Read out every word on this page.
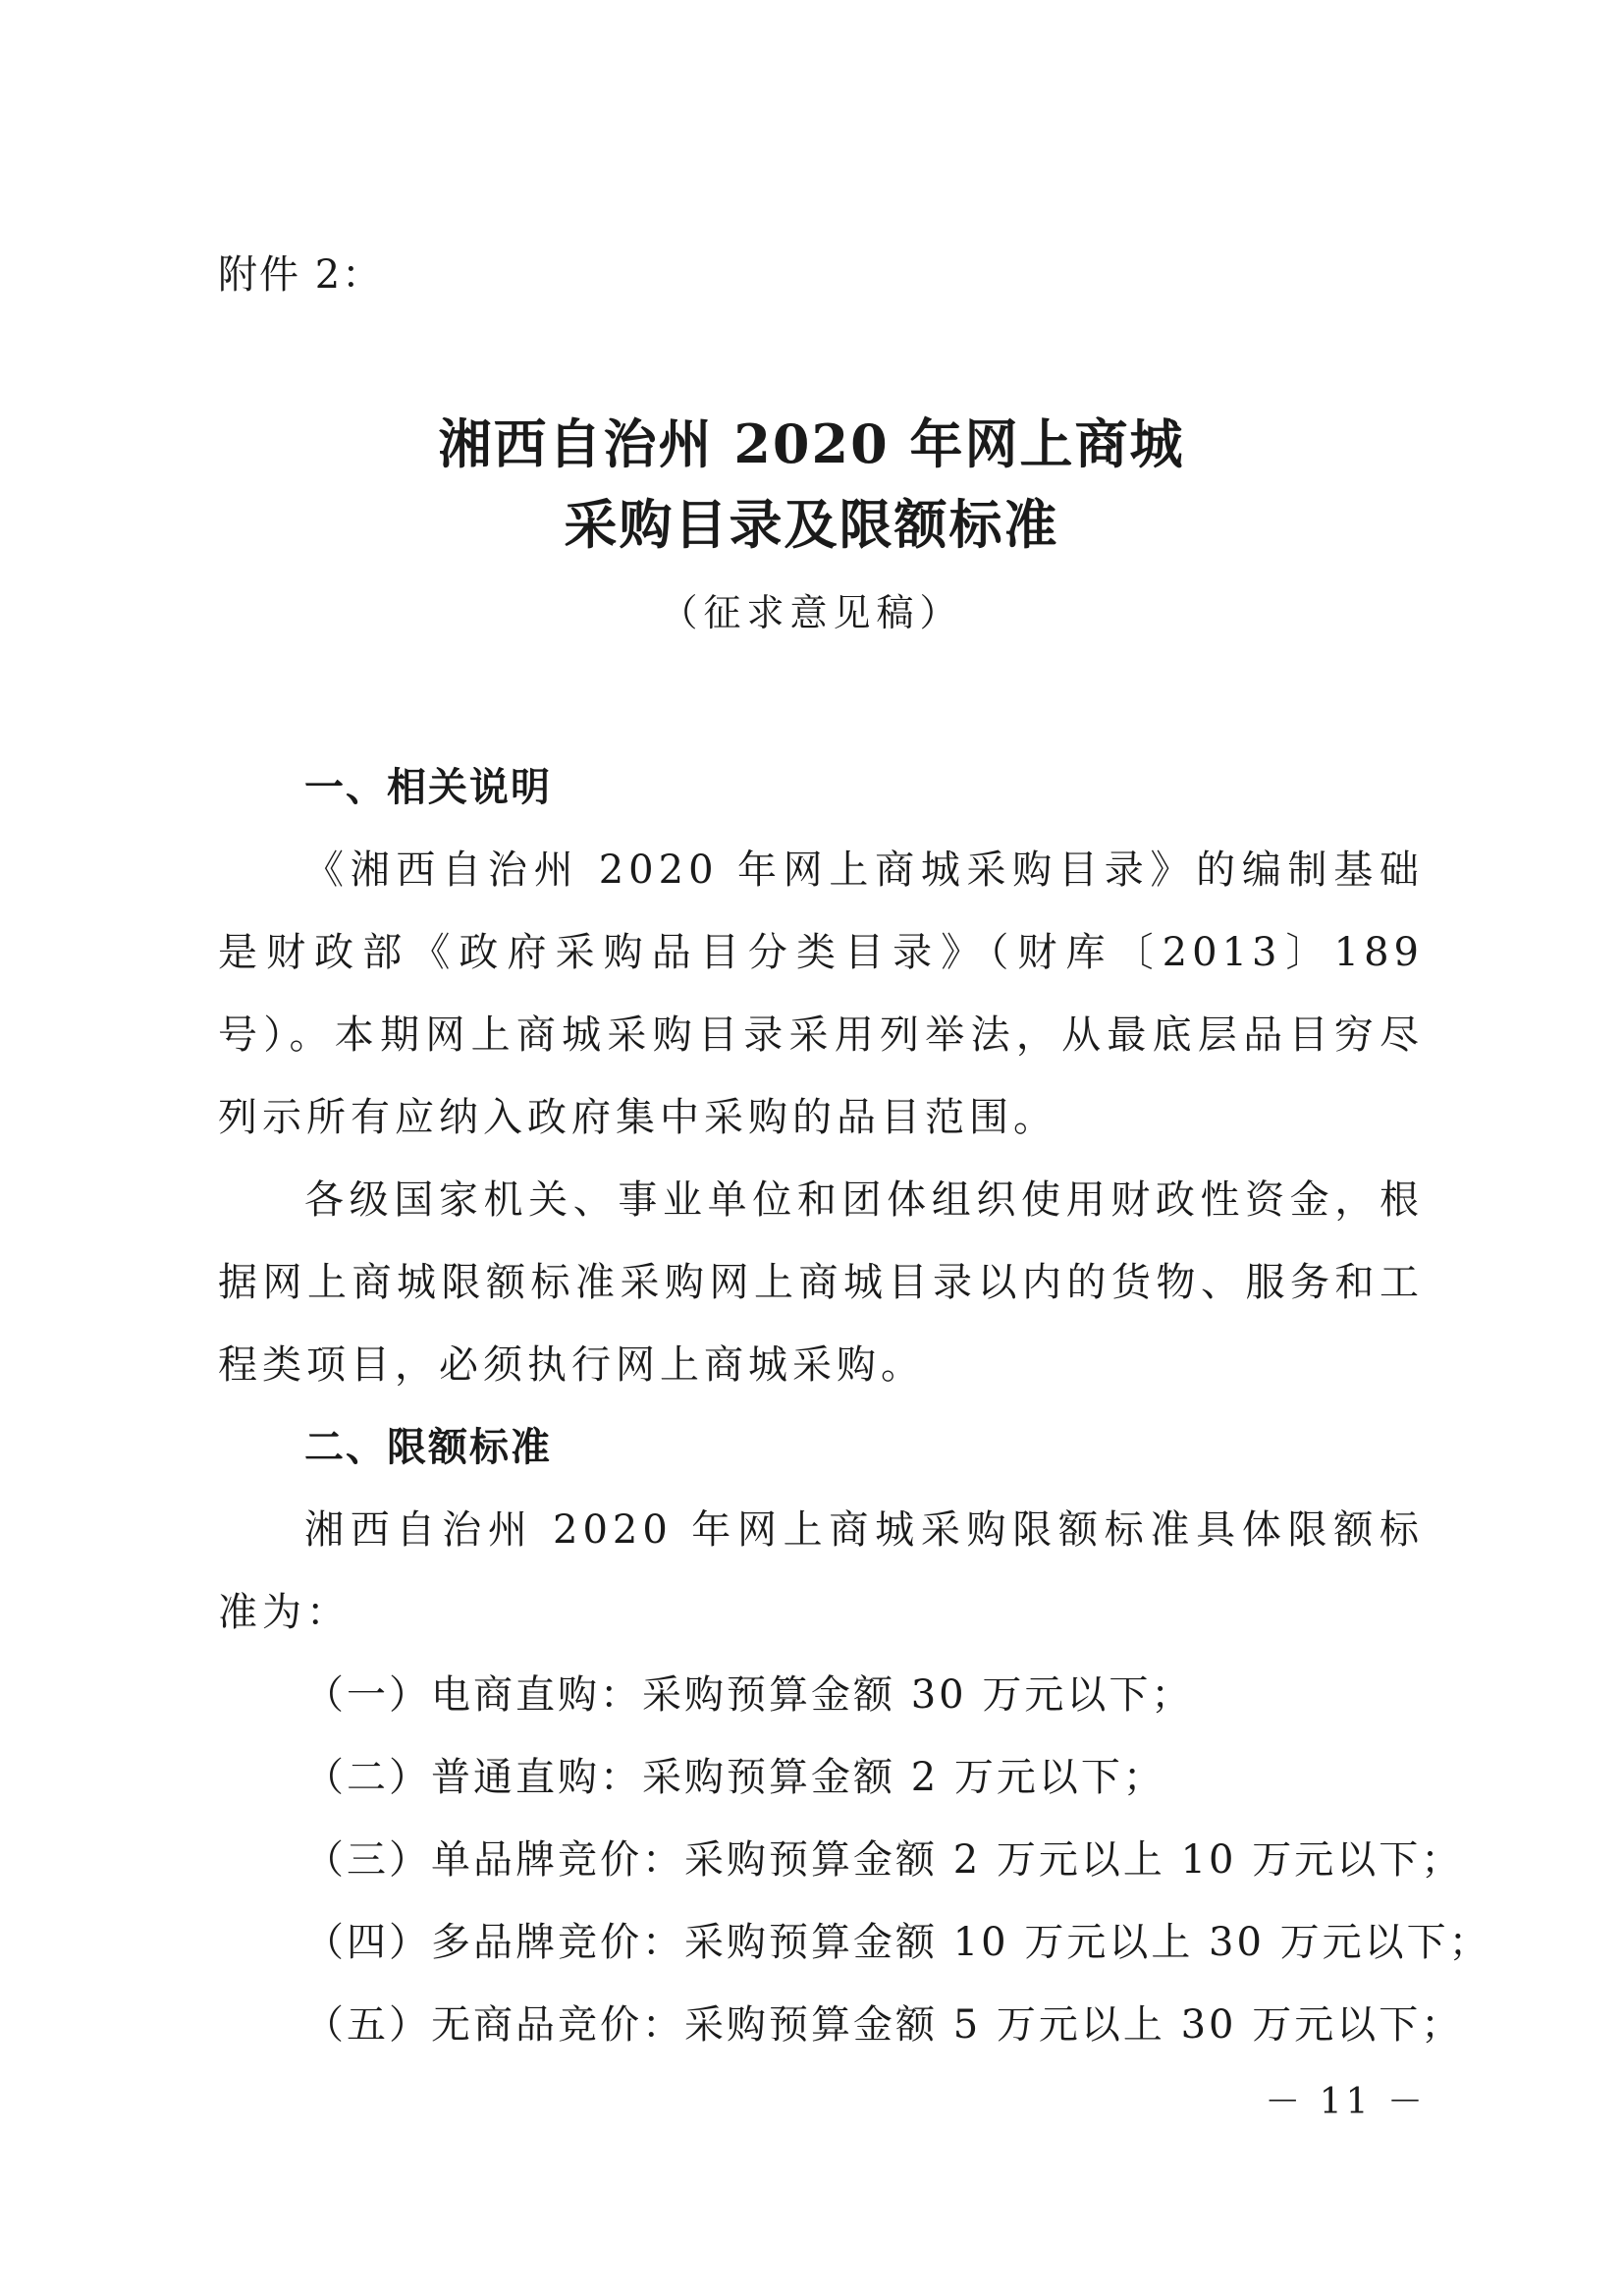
附件 2：
湘西自治州 2020 年网上商城
采购目录及限额标准
（征求意见稿）

一、相关说明

《湘西自治州 2020 年网上商城采购目录》的编制基础是财政部《政府采购品目分类目录》（财库〔2013〕189 号）。本期网上商城采购目录采用列举法，从最底层品目穷尽列示所有应纳入政府集中采购的品目范围。

各级国家机关、事业单位和团体组织使用财政性资金，根据网上商城限额标准采购网上商城目录以内的货物、服务和工程类项目，必须执行网上商城采购。

二、限额标准

湘西自治州 2020 年网上商城采购限额标准具体限额标准为：

（一）电商直购：采购预算金额 30 万元以下；

（二）普通直购：采购预算金额 2 万元以下；

（三）单品牌竞价：采购预算金额 2 万元以上 10 万元以下；

（四）多品牌竞价：采购预算金额 10 万元以上 30 万元以下；

（五）无商品竞价：采购预算金额 5 万元以上 30 万元以下；

－ 11 －
